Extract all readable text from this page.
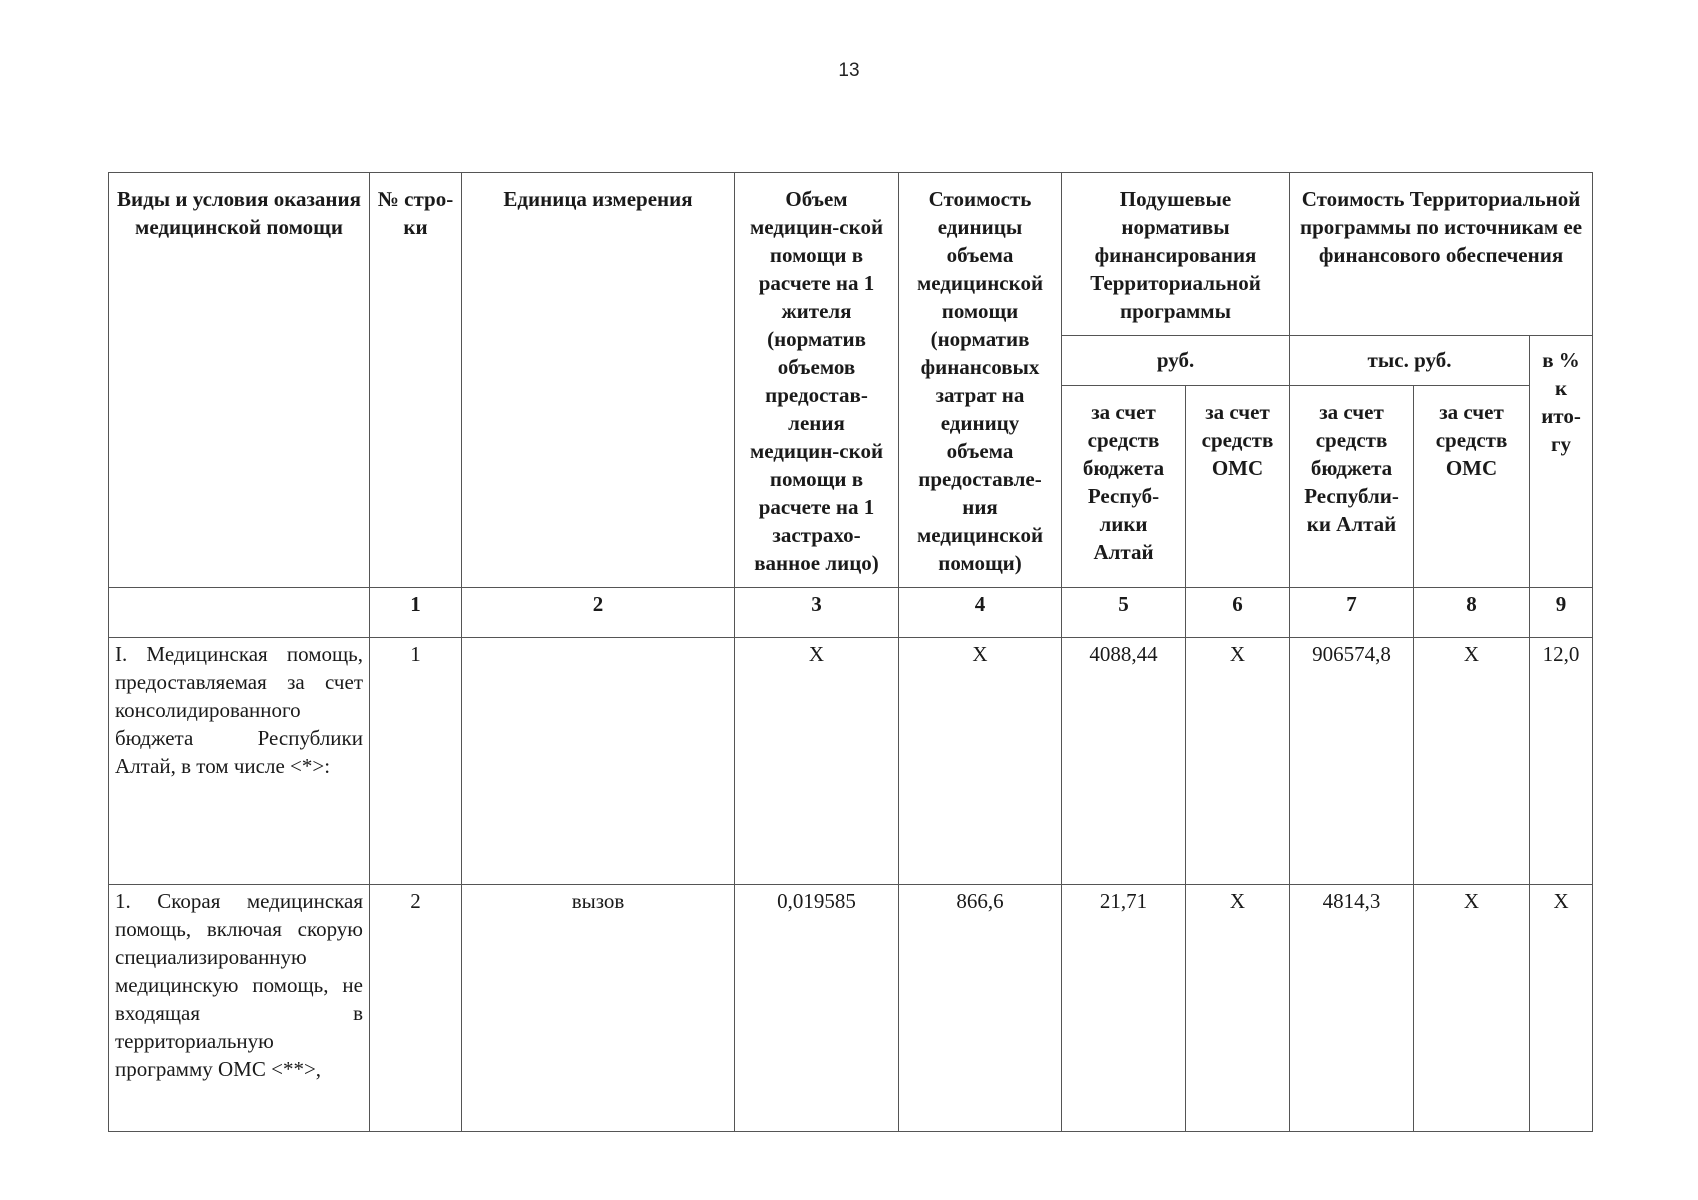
13
Виды и условия оказания медицинской помощи	№ стро-ки	Единица измерения	Объем медицин-ской помощи в расчете на 1 жителя (норматив объемов предостав-ления медицин-ской помощи в расчете на 1 застрахо-ванное лицо)	Стоимость единицы объема медицинской помощи (норматив финансовых затрат на единицу объема предоставле-ния медицинской помощи)	Подушевые нормативы финансирования Территориальной программы		Стоимость Территориальной программы по источникам ее финансового обеспечения		
					руб.		тыс. руб.		в % к ито-гу
					за счет средств бюджета Респуб-лики Алтай	за счет средств ОМС	за счет средств бюджета Республи-ки Алтай	за счет средств ОМС	
	1	2	3	4	5	6	7	8	9
I. Медицинская помощь, предоставляемая за счет консолидированного бюджета Республики Алтай, в том числе <*>:	1		X	X	4088,44	X	906574,8	X	12,0
1. Скорая медицинская помощь, включая скорую специализированную медицинскую помощь, не входящая в территориальную программу ОМС <**>,	2	вызов	0,019585	866,6	21,71	X	4814,3	X	X
